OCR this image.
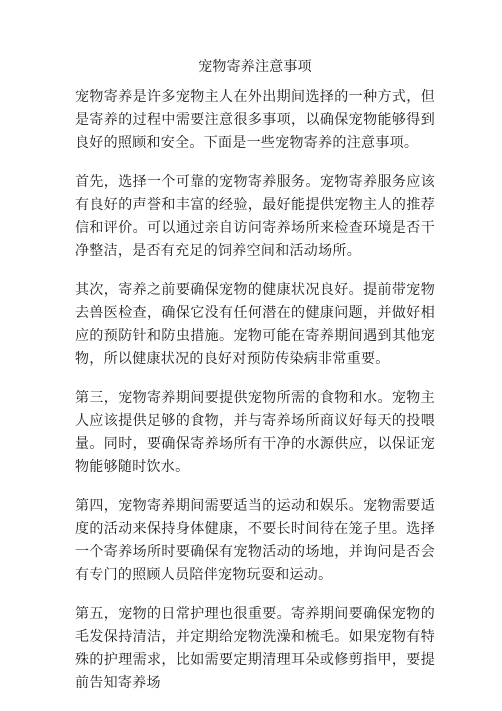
宠物寄养注意事项

宠物寄养是许多宠物主人在外出期间选择的一种方式，但是寄养的过程中需要注意很多事项，以确保宠物能够得到良好的照顾和安全。下面是一些宠物寄养的注意事项。

首先，选择一个可靠的宠物寄养服务。宠物寄养服务应该有良好的声誉和丰富的经验，最好能提供宠物主人的推荐信和评价。可以通过亲自访问寄养场所来检查环境是否干净整洁，是否有充足的饲养空间和活动场所。

其次，寄养之前要确保宠物的健康状况良好。提前带宠物去兽医检查，确保它没有任何潜在的健康问题，并做好相应的预防针和防虫措施。宠物可能在寄养期间遇到其他宠物，所以健康状况的良好对预防传染病非常重要。

第三，宠物寄养期间要提供宠物所需的食物和水。宠物主人应该提供足够的食物，并与寄养场所商议好每天的投喂量。同时，要确保寄养场所有干净的水源供应，以保证宠物能够随时饮水。

第四，宠物寄养期间需要适当的运动和娱乐。宠物需要适度的活动来保持身体健康，不要长时间待在笼子里。选择一个寄养场所时要确保有宠物活动的场地，并询问是否会有专门的照顾人员陪伴宠物玩耍和运动。

第五，宠物的日常护理也很重要。寄养期间要确保宠物的毛发保持清洁，并定期给宠物洗澡和梳毛。如果宠物有特殊的护理需求，比如需要定期清理耳朵或修剪指甲，要提前告知寄养场
